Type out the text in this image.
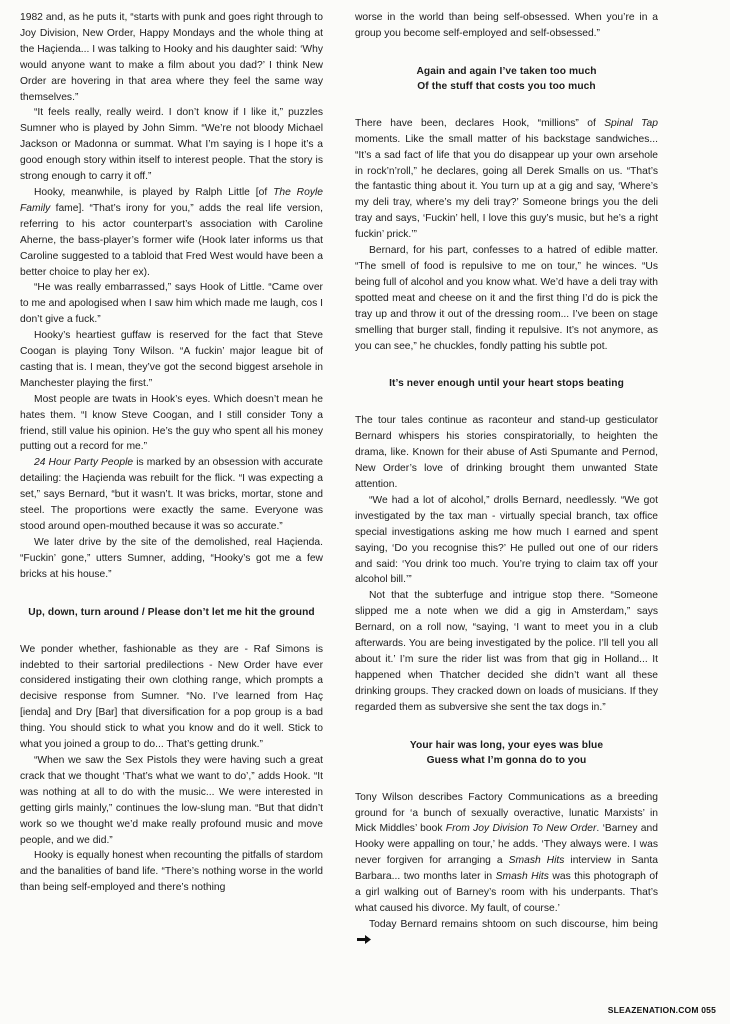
1982 and, as he puts it, “starts with punk and goes right through to Joy Division, New Order, Happy Mondays and the whole thing at the Haçienda... I was talking to Hooky and his daughter said: ‘Why would anyone want to make a film about you dad?’ I think New Order are hovering in that area where they feel the same way themselves.”

“It feels really, really weird. I don’t know if I like it,” puzzles Sumner who is played by John Simm. “We’re not bloody Michael Jackson or Madonna or summat. What I’m saying is I hope it’s a good enough story within itself to interest people. That the story is strong enough to carry it off.”

Hooky, meanwhile, is played by Ralph Little [of The Royle Family fame]. “That’s irony for you,” adds the real life version, referring to his actor counterpart’s association with Caroline Aherne, the bass-player’s former wife (Hook later informs us that Caroline suggested to a tabloid that Fred West would have been a better choice to play her ex).

“He was really embarrassed,” says Hook of Little. “Came over to me and apologised when I saw him which made me laugh, cos I don’t give a fuck.”

Hooky’s heartiest guffaw is reserved for the fact that Steve Coogan is playing Tony Wilson. “A fuckin’ major league bit of casting that is. I mean, they’ve got the second biggest arsehole in Manchester playing the first.”

Most people are twats in Hook’s eyes. Which doesn’t mean he hates them. “I know Steve Coogan, and I still consider Tony a friend, still value his opinion. He’s the guy who spent all his money putting out a record for me.”

24 Hour Party People is marked by an obsession with accurate detailing: the Haçienda was rebuilt for the flick. “I was expecting a set,” says Bernard, “but it wasn’t. It was bricks, mortar, stone and steel. The proportions were exactly the same. Everyone was stood around open-mouthed because it was so accurate.”

We later drive by the site of the demolished, real Haçienda. “Fuckin’ gone,” utters Sumner, adding, “Hooky’s got me a few bricks at his house.”

Up, down, turn around / Please don’t let me hit the ground

We ponder whether, fashionable as they are - Raf Simons is indebted to their sartorial predilections - New Order have ever considered instigating their own clothing range, which prompts a decisive response from Sumner. “No. I’ve learned from Haç [ienda] and Dry [Bar] that diversification for a pop group is a bad thing. You should stick to what you know and do it well. Stick to what you joined a group to do... That’s getting drunk.”

“When we saw the Sex Pistols they were having such a great crack that we thought ‘That’s what we want to do’,” adds Hook. “It was nothing at all to do with the music... We were interested in getting girls mainly,” continues the low-slung man. “But that didn’t work so we thought we’d make really profound music and move people, and we did.”

Hooky is equally honest when recounting the pitfalls of stardom and the banalities of band life. “There’s nothing worse in the world than being self-employed and there’s nothing

worse in the world than being self-obsessed. When you’re in a group you become self-employed and self-obsessed.”

Again and again I’ve taken too much
Of the stuff that costs you too much

There have been, declares Hook, “millions” of Spinal Tap moments. Like the small matter of his backstage sandwiches... “It’s a sad fact of life that you do disappear up your own arsehole in rock’n’roll,” he declares, going all Derek Smalls on us. “That’s the fantastic thing about it. You turn up at a gig and say, ‘Where’s my deli tray, where’s my deli tray?’ Someone brings you the deli tray and says, ‘Fuckin’ hell, I love this guy’s music, but he’s a right fuckin’ prick.’”

Bernard, for his part, confesses to a hatred of edible matter. “The smell of food is repulsive to me on tour,” he winces. “Us being full of alcohol and you know what. We’d have a deli tray with spotted meat and cheese on it and the first thing I’d do is pick the tray up and throw it out of the dressing room... I’ve been on stage smelling that burger stall, finding it repulsive. It’s not anymore, as you can see,” he chuckles, fondly patting his subtle pot.

It’s never enough until your heart stops beating

The tour tales continue as raconteur and stand-up gesticulator Bernard whispers his stories conspiratorially, to heighten the drama, like. Known for their abuse of Asti Spumante and Pernod, New Order’s love of drinking brought them unwanted State attention.

“We had a lot of alcohol,” drolls Bernard, needlessly. “We got investigated by the tax man - virtually special branch, tax office special investigations asking me how much I earned and spent saying, ‘Do you recognise this?’ He pulled out one of our riders and said: ‘You drink too much. You’re trying to claim tax off your alcohol bill.’”

Not that the subterfuge and intrigue stop there. “Someone slipped me a note when we did a gig in Amsterdam,” says Bernard, on a roll now, “saying, ‘I want to meet you in a club afterwards. You are being investigated by the police. I’ll tell you all about it.’ I’m sure the rider list was from that gig in Holland... It happened when Thatcher decided she didn’t want all these drinking groups. They cracked down on loads of musicians. If they regarded them as subversive she sent the tax dogs in.”

Your hair was long, your eyes was blue
Guess what I’m gonna do to you

Tony Wilson describes Factory Communications as a breeding ground for ‘a bunch of sexually overactive, lunatic Marxists’ in Mick Middles’ book From Joy Division To New Order. ‘Barney and Hooky were appalling on tour,’ he adds. ‘They always were. I was never forgiven for arranging a Smash Hits interview in Santa Barbara... two months later in Smash Hits was this photograph of a girl walking out of Barney’s room with his underpants. That’s what caused his divorce. My fault, of course.’

Today Bernard remains shtoom on such discourse, him being

SLEAZENATION.COM 055
